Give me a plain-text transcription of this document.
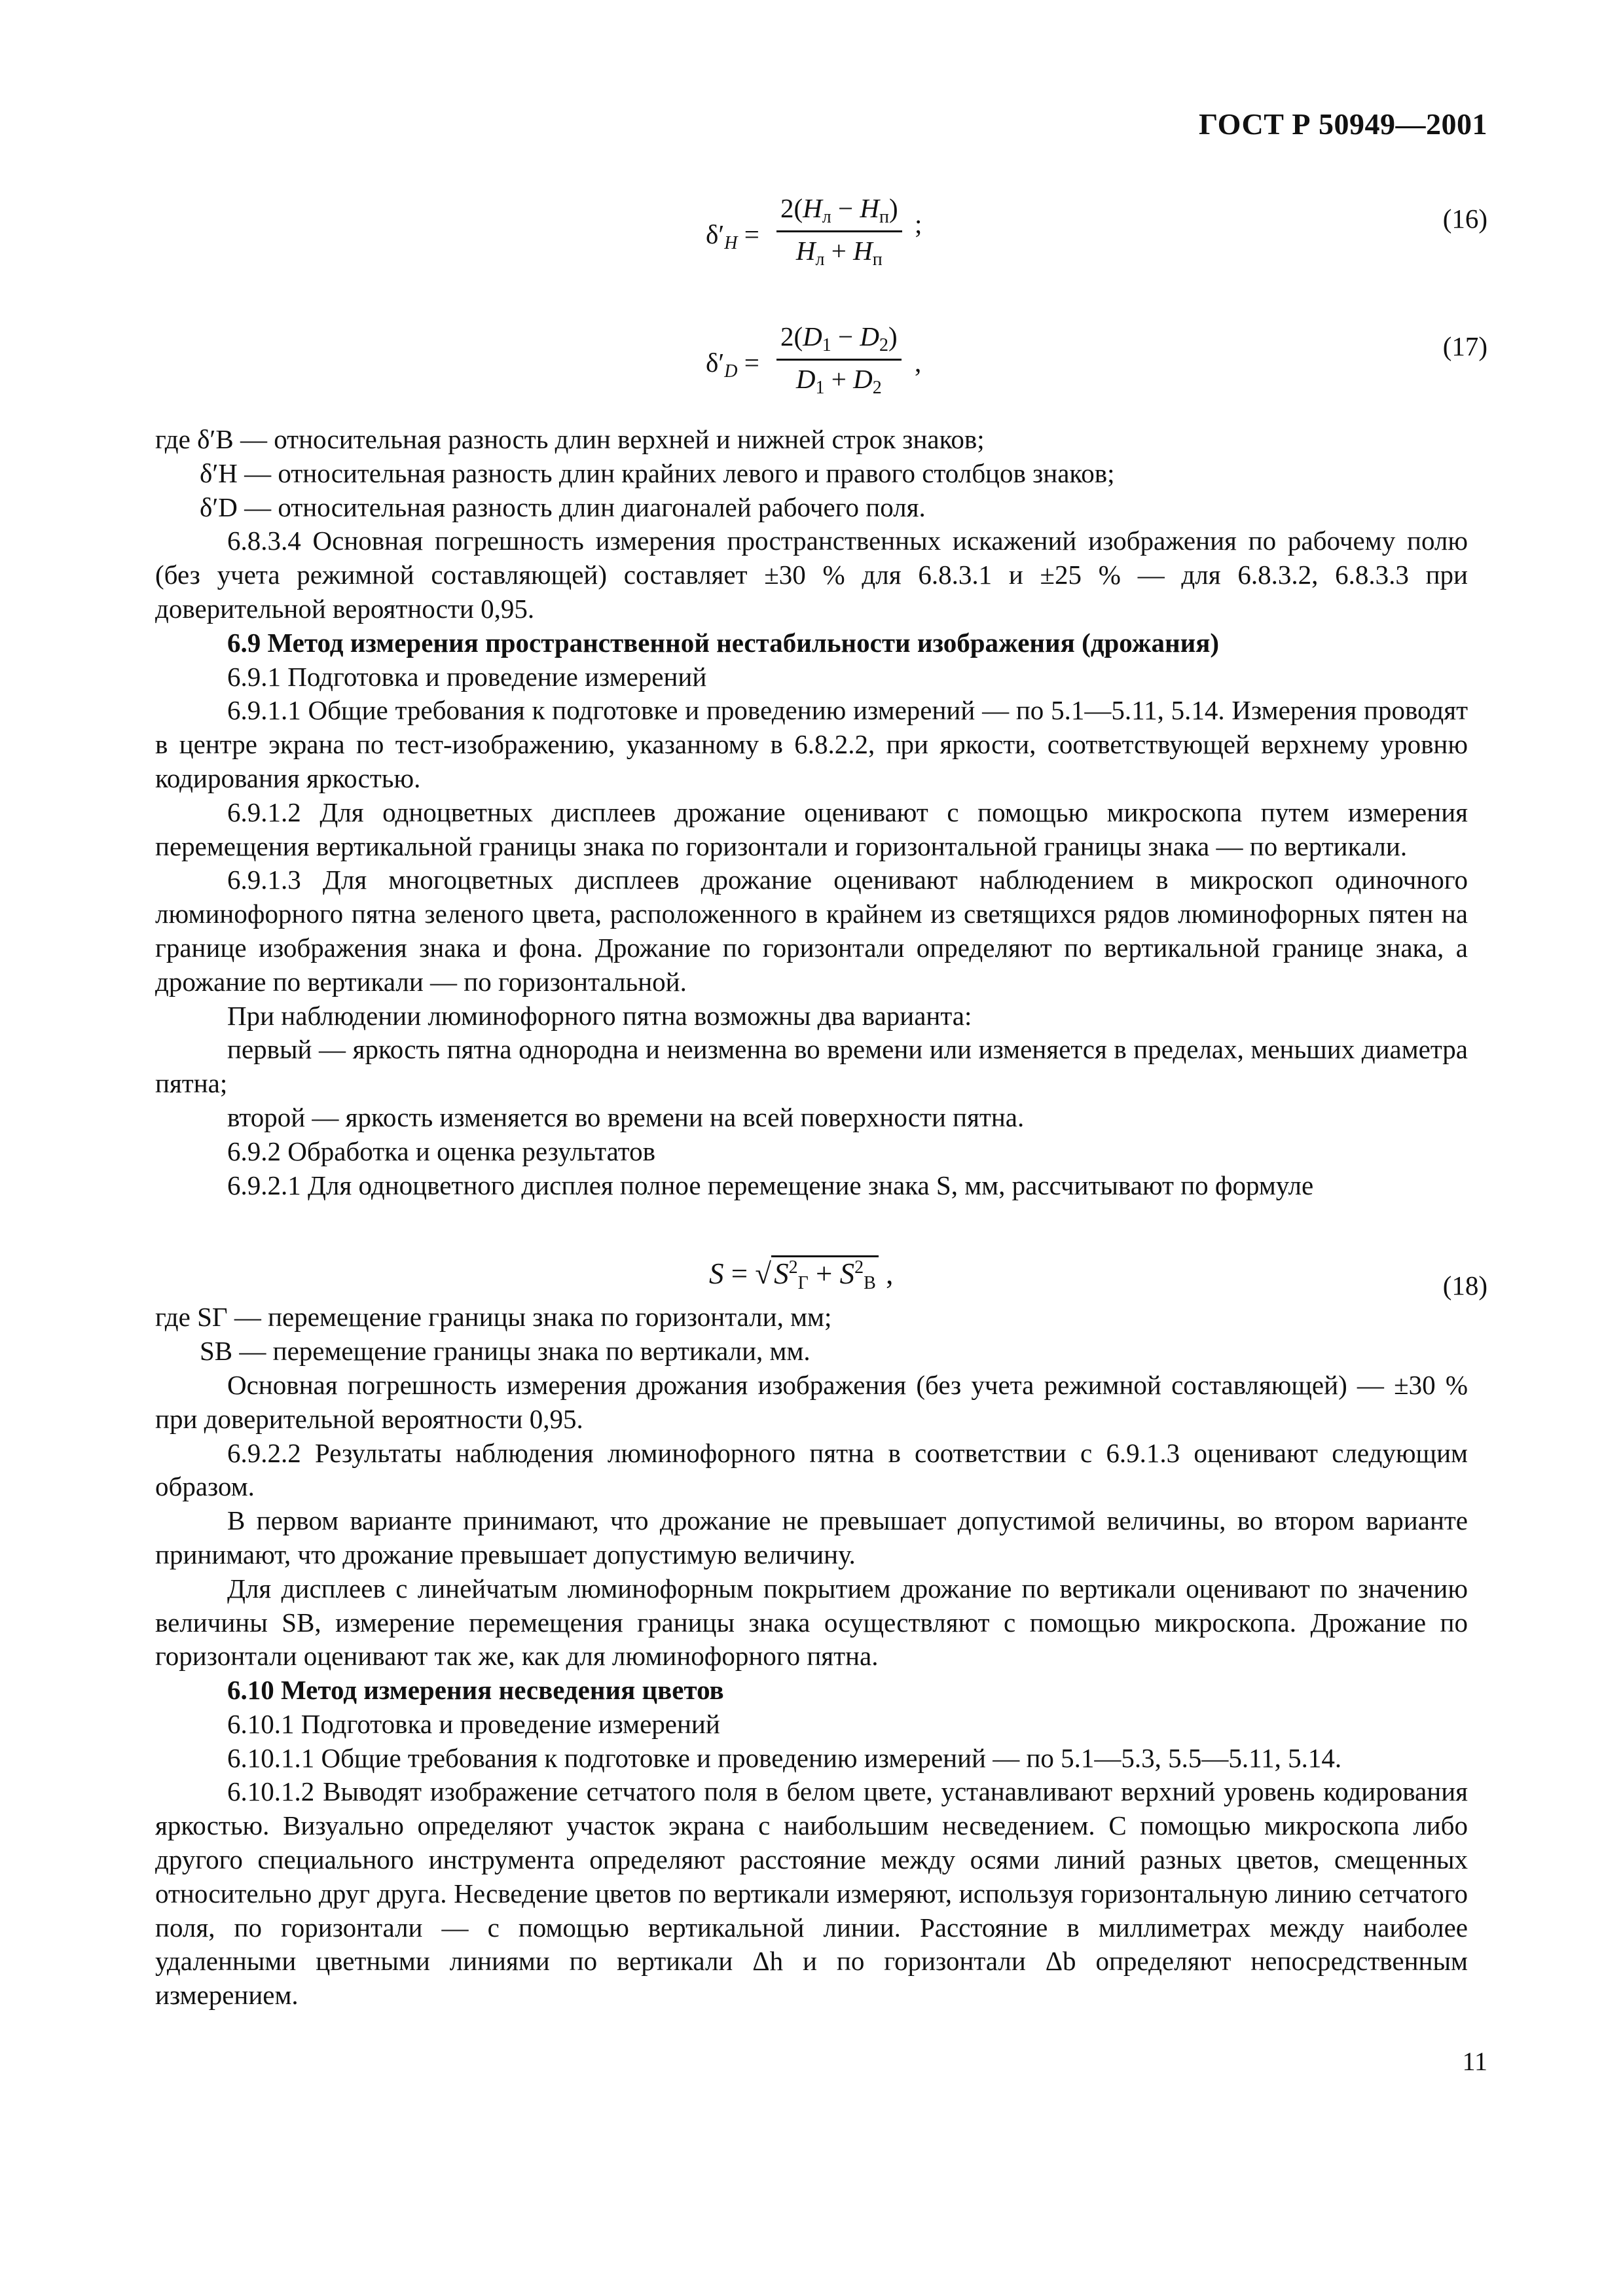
ГОСТ Р 50949—2001
$\delta'_H$ =
$2(H_л - H_п)$
$H_л + H_п$
;	(16)
$\delta'_D = \frac{2(D_1 - D_2)}{D_1 + D_2}$ ,
(17)

где δ′B — относительная разность длин верхней и нижней строк знаков;

δ′H — относительная разность длин крайних левого и правого столбцов знаков;

δ′D — относительная разность длин диагоналей рабочего поля.

6.8.3.4 Основная погрешность измерения пространственных искажений изображения по рабочему полю (без учета режимной составляющей) составляет ±30 % для 6.8.3.1 и ±25 % — для 6.8.3.2, 6.8.3.3 при доверительной вероятности 0,95.

6.9 Метод измерения пространственной нестабильности изображения (дрожания)

6.9.1 Подготовка и проведение измерений

6.9.1.1 Общие требования к подготовке и проведению измерений — по 5.1—5.11, 5.14. Измерения проводят в центре экрана по тест-изображению, указанному в 6.8.2.2, при яркости, соответствующей верхнему уровню кодирования яркостью.

6.9.1.2 Для одноцветных дисплеев дрожание оценивают с помощью микроскопа путем измерения перемещения вертикальной границы знака по горизонтали и горизонтальной границы знака — по вертикали.

6.9.1.3 Для многоцветных дисплеев дрожание оценивают наблюдением в микроскоп одиночного люминофорного пятна зеленого цвета, расположенного в крайнем из светящихся рядов люминофорных пятен на границе изображения знака и фона. Дрожание по горизонтали определяют по вертикальной границе знака, а дрожание по вертикали — по горизонтальной.

При наблюдении люминофорного пятна возможны два варианта:

первый — яркость пятна однородна и неизменна во времени или изменяется в пределах, меньших диаметра пятна;

второй — яркость изменяется во времени на всей поверхности пятна.

6.9.2 Обработка и оценка результатов

6.9.2.1 Для одноцветного дисплея полное перемещение знака S, мм, рассчитывают по формуле

где SГ — перемещение границы знака по горизонтали, мм;

SВ — перемещение границы знака по вертикали, мм.

Основная погрешность измерения дрожания изображения (без учета режимной составляющей) — ±30 % при доверительной вероятности 0,95.

6.9.2.2 Результаты наблюдения люминофорного пятна в соответствии с 6.9.1.3 оценивают следующим образом.

В первом варианте принимают, что дрожание не превышает допустимой величины, во втором варианте принимают, что дрожание превышает допустимую величину.

Для дисплеев с линейчатым люминофорным покрытием дрожание по вертикали оценивают по значению величины SВ, измерение перемещения границы знака осуществляют с помощью микроскопа. Дрожание по горизонтали оценивают так же, как для люминофорного пятна.

6.10 Метод измерения несведения цветов

6.10.1 Подготовка и проведение измерений

6.10.1.1 Общие требования к подготовке и проведению измерений — по 5.1—5.3, 5.5—5.11, 5.14.

6.10.1.2 Выводят изображение сетчатого поля в белом цвете, устанавливают верхний уровень кодирования яркостью. Визуально определяют участок экрана с наибольшим несведением. С помощью микроскопа либо другого специального инструмента определяют расстояние между осями линий разных цветов, смещенных относительно друг друга. Несведение цветов по вертикали измеряют, используя горизонтальную линию сетчатого поля, по горизонтали — с помощью вертикальной линии. Расстояние в миллиметрах между наиболее удаленными цветными линиями по вертикали Δh и по горизонтали Δb определяют непосредственным измерением.

$S = √S^2_Г + S^2_В$ ,	(18)
11
